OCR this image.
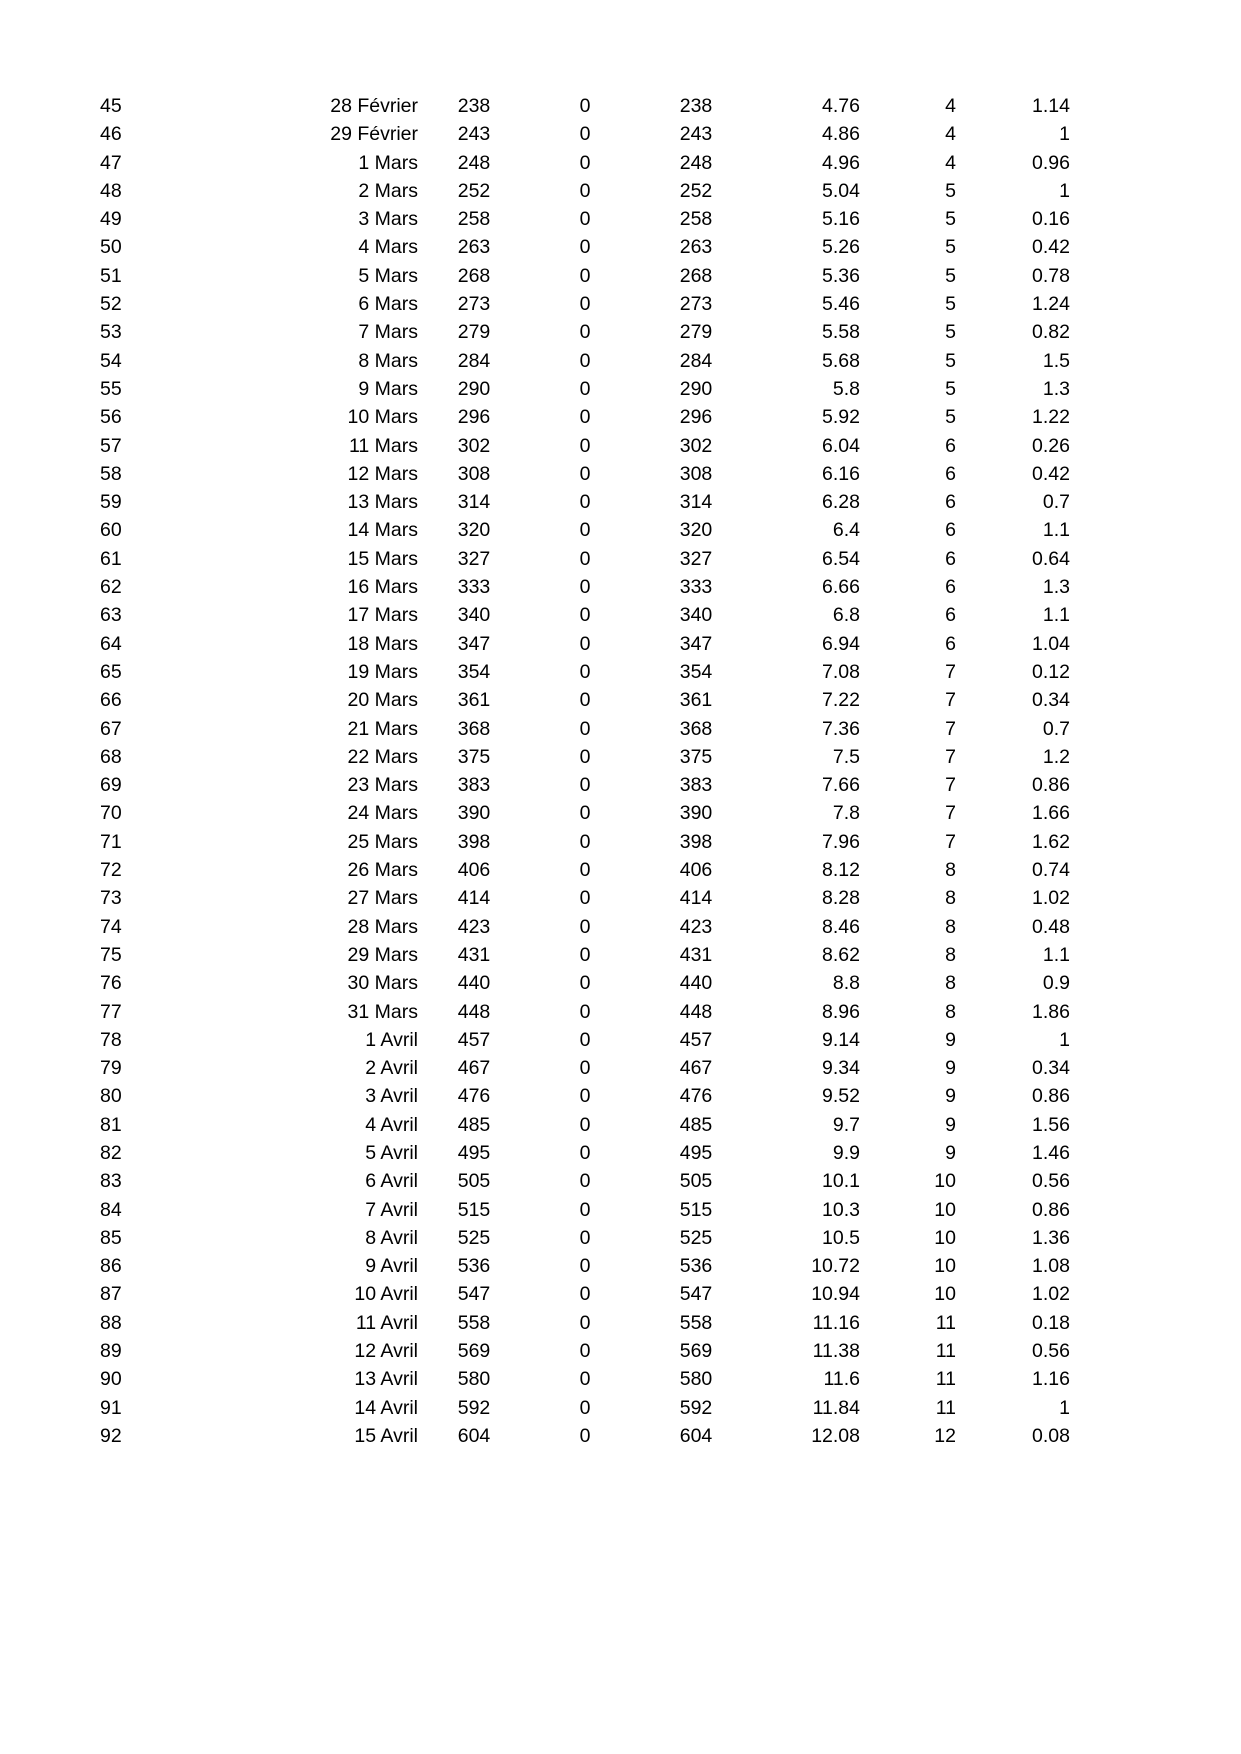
45	28 Février	238	0	238	4.76	4	1.14
46	29 Février	243	0	243	4.86	4	1
47	1 Mars	248	0	248	4.96	4	0.96
48	2 Mars	252	0	252	5.04	5	1
49	3 Mars	258	0	258	5.16	5	0.16
50	4 Mars	263	0	263	5.26	5	0.42
51	5 Mars	268	0	268	5.36	5	0.78
52	6 Mars	273	0	273	5.46	5	1.24
53	7 Mars	279	0	279	5.58	5	0.82
54	8 Mars	284	0	284	5.68	5	1.5
55	9 Mars	290	0	290	5.8	5	1.3
56	10 Mars	296	0	296	5.92	5	1.22
57	11 Mars	302	0	302	6.04	6	0.26
58	12 Mars	308	0	308	6.16	6	0.42
59	13 Mars	314	0	314	6.28	6	0.7
60	14 Mars	320	0	320	6.4	6	1.1
61	15 Mars	327	0	327	6.54	6	0.64
62	16 Mars	333	0	333	6.66	6	1.3
63	17 Mars	340	0	340	6.8	6	1.1
64	18 Mars	347	0	347	6.94	6	1.04
65	19 Mars	354	0	354	7.08	7	0.12
66	20 Mars	361	0	361	7.22	7	0.34
67	21 Mars	368	0	368	7.36	7	0.7
68	22 Mars	375	0	375	7.5	7	1.2
69	23 Mars	383	0	383	7.66	7	0.86
70	24 Mars	390	0	390	7.8	7	1.66
71	25 Mars	398	0	398	7.96	7	1.62
72	26 Mars	406	0	406	8.12	8	0.74
73	27 Mars	414	0	414	8.28	8	1.02
74	28 Mars	423	0	423	8.46	8	0.48
75	29 Mars	431	0	431	8.62	8	1.1
76	30 Mars	440	0	440	8.8	8	0.9
77	31 Mars	448	0	448	8.96	8	1.86
78	1 Avril	457	0	457	9.14	9	1
79	2 Avril	467	0	467	9.34	9	0.34
80	3 Avril	476	0	476	9.52	9	0.86
81	4 Avril	485	0	485	9.7	9	1.56
82	5 Avril	495	0	495	9.9	9	1.46
83	6 Avril	505	0	505	10.1	10	0.56
84	7 Avril	515	0	515	10.3	10	0.86
85	8 Avril	525	0	525	10.5	10	1.36
86	9 Avril	536	0	536	10.72	10	1.08
87	10 Avril	547	0	547	10.94	10	1.02
88	11 Avril	558	0	558	11.16	11	0.18
89	12 Avril	569	0	569	11.38	11	0.56
90	13 Avril	580	0	580	11.6	11	1.16
91	14 Avril	592	0	592	11.84	11	1
92	15 Avril	604	0	604	12.08	12	0.08
